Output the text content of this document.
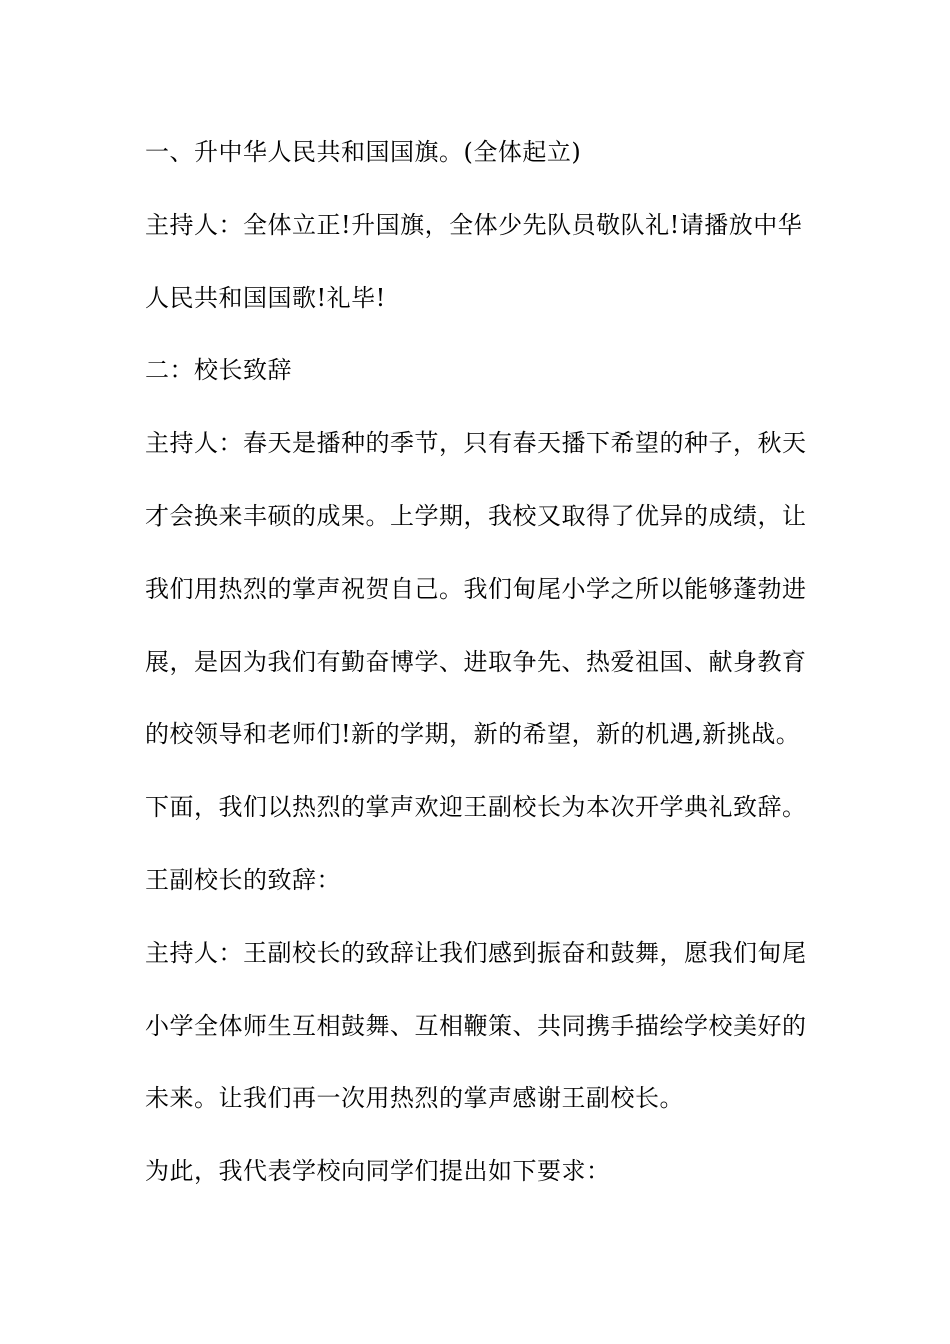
一、升中华人民共和国国旗。(全体起立)
主持人：全体立正!升国旗，全体少先队员敬队礼!请播放中华
人民共和国国歌!礼毕!
二：校长致辞
主持人：春天是播种的季节，只有春天播下希望的种子，秋天
才会换来丰硕的成果。上学期，我校又取得了优异的成绩，让
我们用热烈的掌声祝贺自己。我们甸尾小学之所以能够蓬勃进
展，是因为我们有勤奋博学、进取争先、热爱祖国、献身教育
的校领导和老师们!新的学期，新的希望，新的机遇,新挑战。
下面，我们以热烈的掌声欢迎王副校长为本次开学典礼致辞。
王副校长的致辞：
主持人：王副校长的致辞让我们感到振奋和鼓舞，愿我们甸尾
小学全体师生互相鼓舞、互相鞭策、共同携手描绘学校美好的
未来。让我们再一次用热烈的掌声感谢王副校长。
为此，我代表学校向同学们提出如下要求：
